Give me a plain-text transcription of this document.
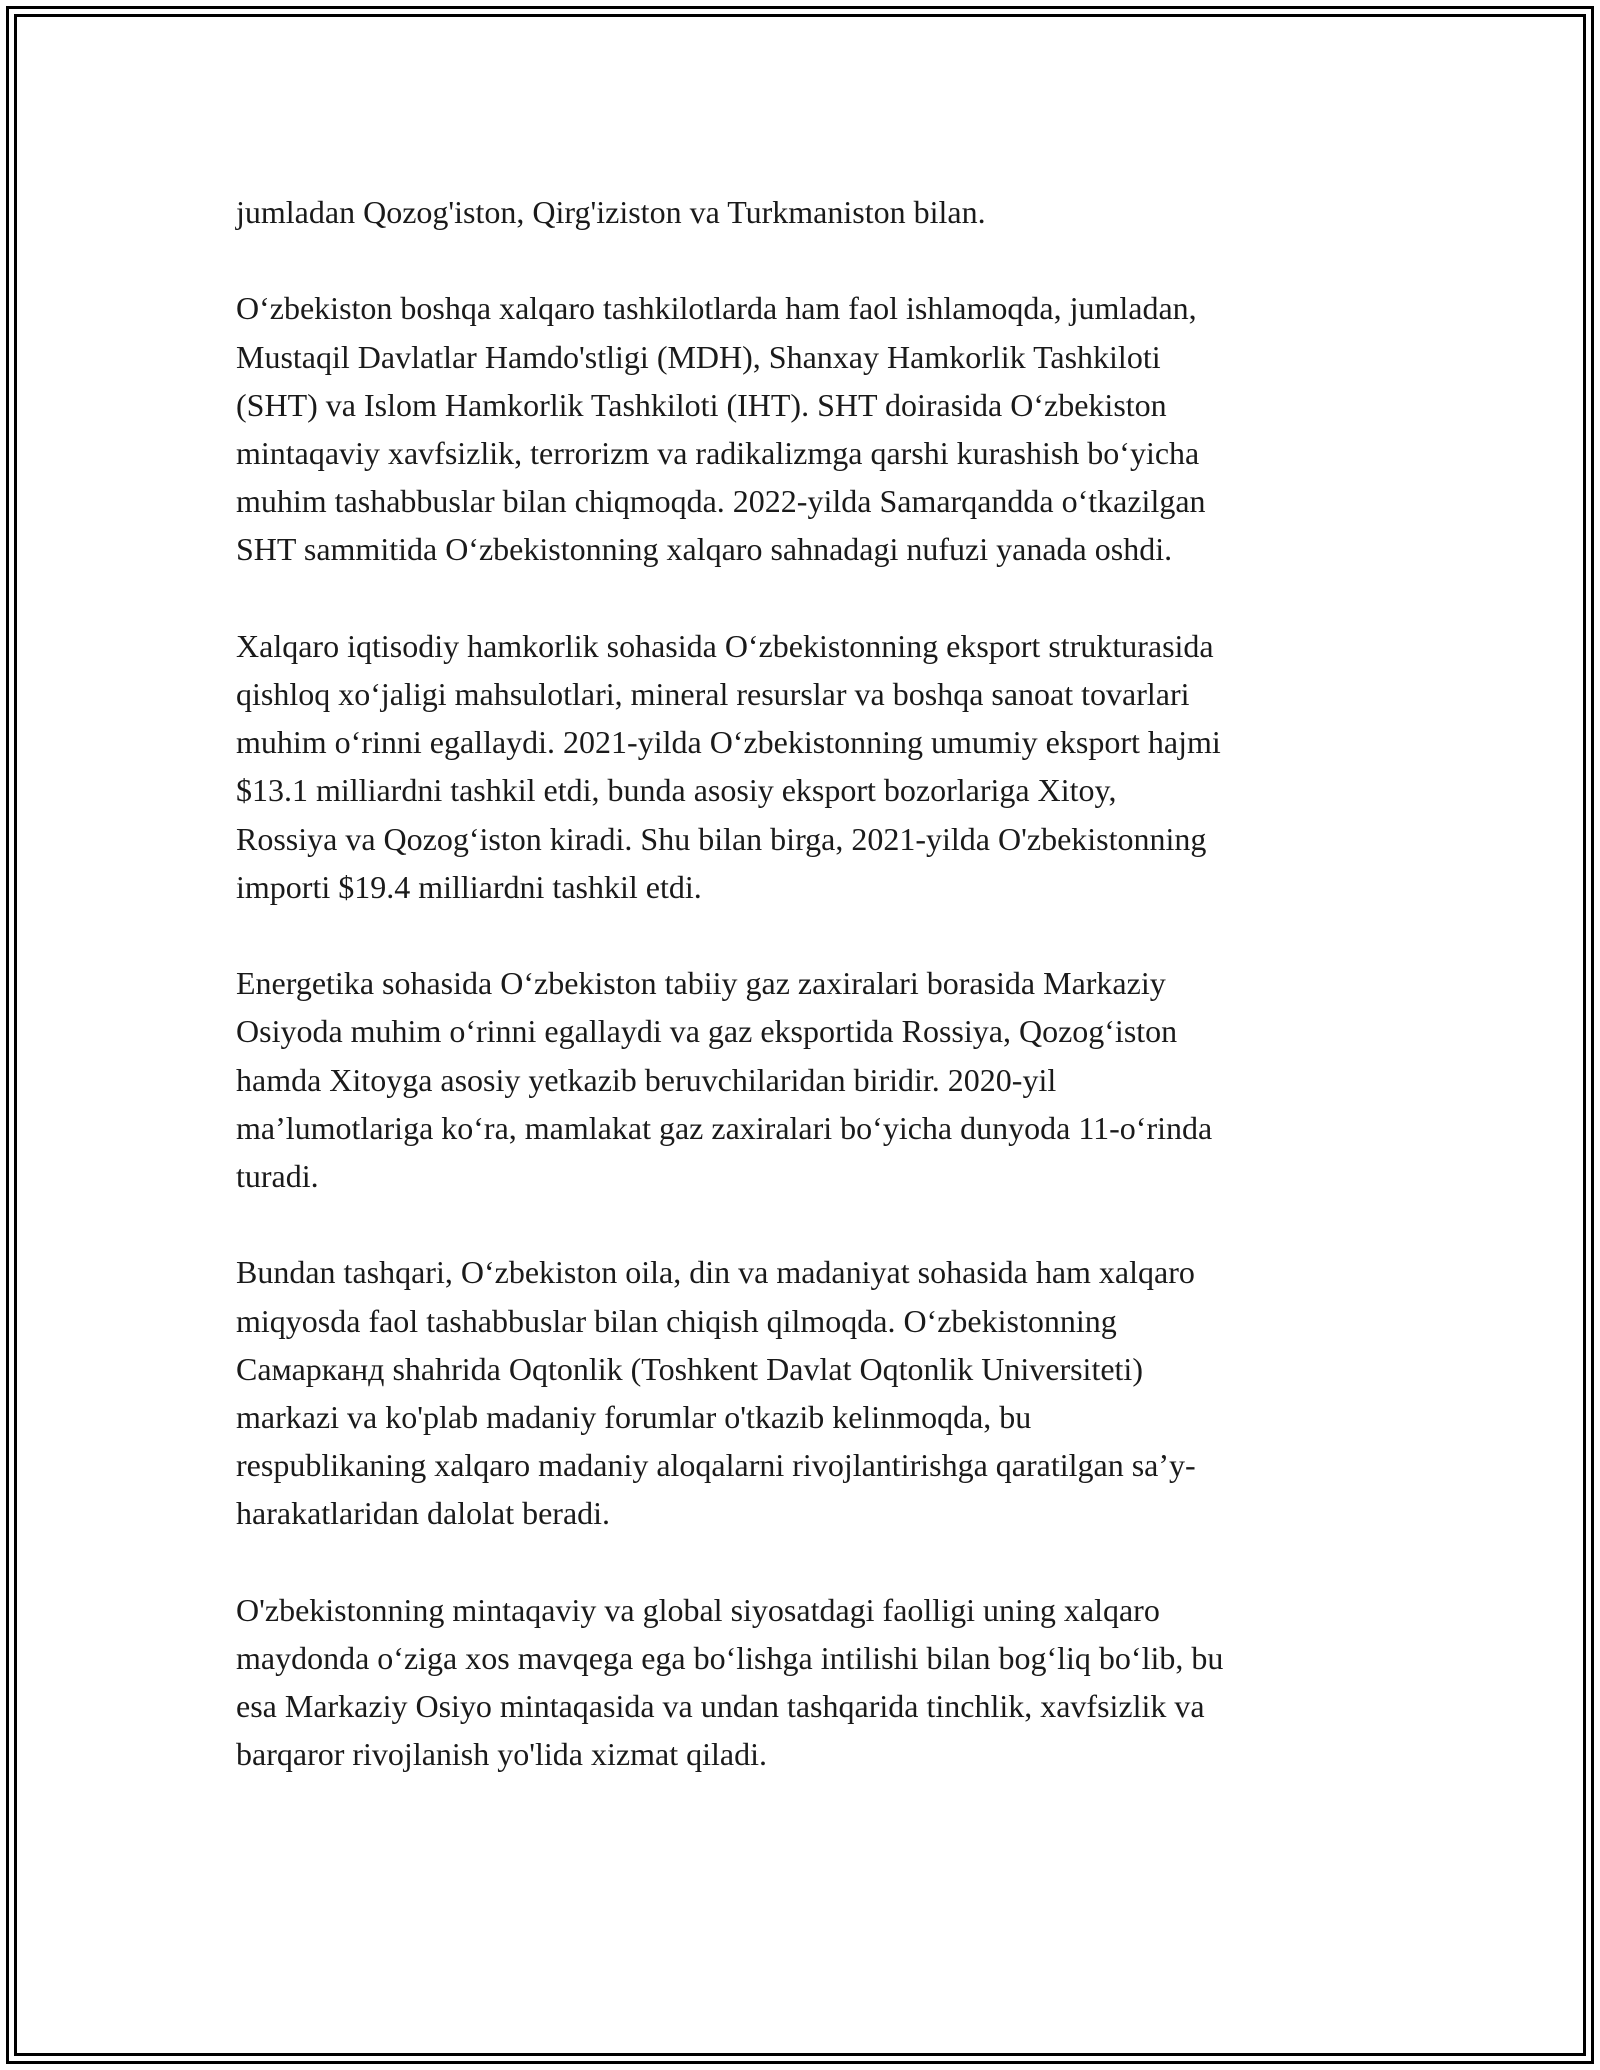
jumladan Qozog'iston, Qirg'iziston va Turkmaniston bilan.

O‘zbekiston boshqa xalqaro tashkilotlarda ham faol ishlamoqda, jumladan,
Mustaqil Davlatlar Hamdo'stligi (MDH), Shanxay Hamkorlik Tashkiloti
(SHT) va Islom Hamkorlik Tashkiloti (IHT). SHT doirasida O‘zbekiston
mintaqaviy xavfsizlik, terrorizm va radikalizmga qarshi kurashish bo‘yicha
muhim tashabbuslar bilan chiqmoqda. 2022-yilda Samarqandda o‘tkazilgan
SHT sammitida O‘zbekistonning xalqaro sahnadagi nufuzi yanada oshdi.

Xalqaro iqtisodiy hamkorlik sohasida O‘zbekistonning eksport strukturasida
qishloq xo‘jaligi mahsulotlari, mineral resurslar va boshqa sanoat tovarlari
muhim o‘rinni egallaydi. 2021-yilda O‘zbekistonning umumiy eksport hajmi
$13.1 milliardni tashkil etdi, bunda asosiy eksport bozorlariga Xitoy,
Rossiya va Qozog‘iston kiradi. Shu bilan birga, 2021-yilda O'zbekistonning
importi $19.4 milliardni tashkil etdi.

Energetika sohasida O‘zbekiston tabiiy gaz zaxiralari borasida Markaziy
Osiyoda muhim o‘rinni egallaydi va gaz eksportida Rossiya, Qozog‘iston
hamda Xitoyga asosiy yetkazib beruvchilaridan biridir. 2020-yil
ma’lumotlariga ko‘ra, mamlakat gaz zaxiralari bo‘yicha dunyoda 11-o‘rinda
turadi.

Bundan tashqari, O‘zbekiston oila, din va madaniyat sohasida ham xalqaro
miqyosda faol tashabbuslar bilan chiqish qilmoqda. O‘zbekistonning
Самарканд shahrida Oqtonlik (Toshkent Davlat Oqtonlik Universiteti)
markazi va ko'plab madaniy forumlar o'tkazib kelinmoqda, bu
respublikaning xalqaro madaniy aloqalarni rivojlantirishga qaratilgan sa’y-
harakatlaridan dalolat beradi.

O'zbekistonning mintaqaviy va global siyosatdagi faolligi uning xalqaro
maydonda o‘ziga xos mavqega ega bo‘lishga intilishi bilan bog‘liq bo‘lib, bu
esa Markaziy Osiyo mintaqasida va undan tashqarida tinchlik, xavfsizlik va
barqaror rivojlanish yo'lida xizmat qiladi.
